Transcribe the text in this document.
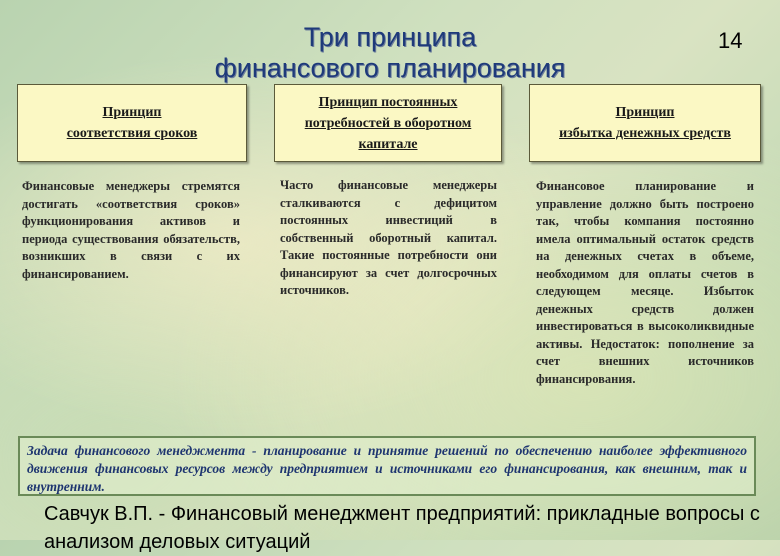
Три принципа
финансового планирования
14
Принцип
соответствия сроков
Принцип постоянных потребностей в оборотном капитале
Принцип
избытка денежных средств
Финансовые менеджеры стремятся достигать «соответствия сроков» функционирования активов и периода существования обязательств, возникших в связи с их финансированием.
Часто финансовые менеджеры сталкиваются с дефицитом постоянных инвестиций в собственный оборотный капитал. Такие постоянные потребности они финансируют за счет долгосрочных источников.
Финансовое планирование и управление должно быть построено так, чтобы компания постоянно имела оптимальный остаток средств на денежных счетах в объеме, необходимом для оплаты счетов в следующем месяце. Избыток денежных средств должен инвестироваться в высоколиквидные активы. Недостаток: пополнение за счет внешних источников финансирования.
Задача финансового менеджмента - планирование и принятие решений по обеспечению наиболее эффективного движения финансовых ресурсов между предприятием и источниками его финансирования, как внешним, так и внутренним.
Савчук В.П. - Финансовый менеджмент предприятий: прикладные вопросы с анализом деловых ситуаций
